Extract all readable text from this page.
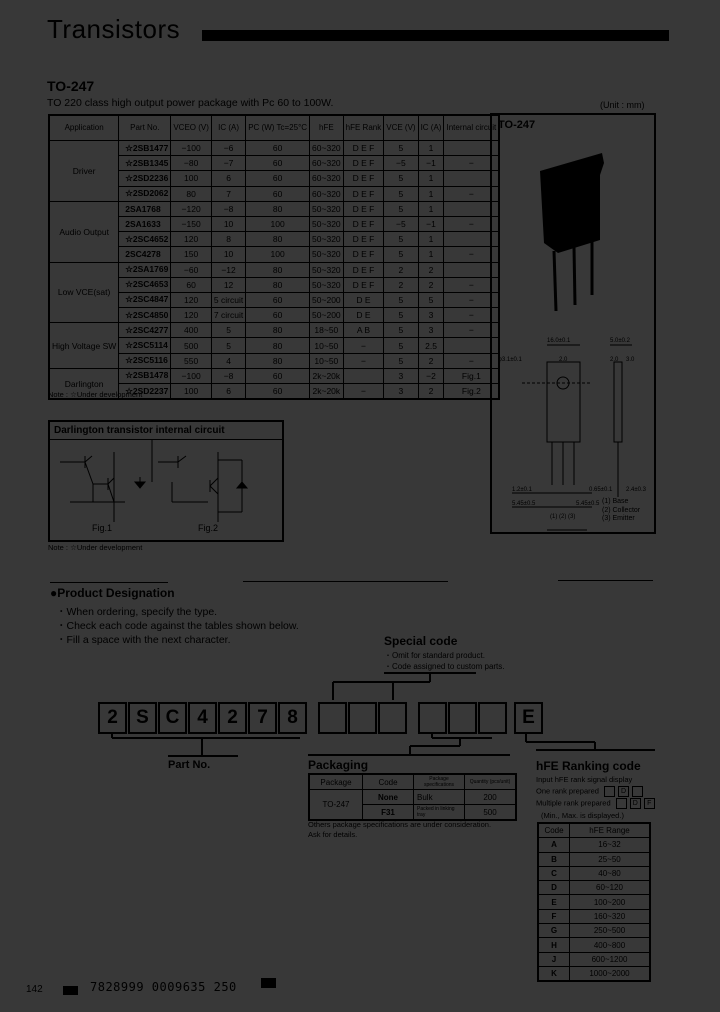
Transistors
TO-247
TO 220 class high output power package with Pc 60 to 100W.	(Unit : mm)
Application	Part No.	VCEO (V)	IC (A)	PC (W) Tc=25°C	hFE	hFE Rank	VCE (V)	IC (A)	Internal circuit
Driver	☆2SB1477	−100	−6	60	60~320	D E F	5	1	
	☆2SB1345	−80	−7	60	60~320	D E F	−5	−1	−
	☆2SD2236	100	6	60	60~320	D E F	5	1	
	☆2SD2062	80	7	60	60~320	D E F	5	1	−
Audio Output	2SA1768	−120	−8	80	50~320	D E F	5	1	
	2SA1633	−150	10	100	50~320	D E F	−5	−1	−
	☆2SC4652	120	8	80	50~320	D E F	5	1	
	2SC4278	150	10	100	50~320	D E F	5	1	−
Low VCE(sat)	☆2SA1769	−60	−12	80	50~320	D E F	2	2	
	☆2SC4653	60	12	80	50~320	D E F	2	2	−
	☆2SC4847	120	5 circuit	60	50~200	D E	5	5	−
	☆2SC4850	120	7 circuit	60	50~200	D E	5	3	−
High Voltage SW	☆2SC4277	400	5	80	18~50	A B	5	3	−
	☆2SC5114	500	5	80	10~50	−	5	2.5	
	☆2SC5116	550	4	80	10~50	−	5	2	−
Darlington	☆2SB1478	−100	−8	60	2k~20k		3	−2	Fig.1
	☆2SD2237	100	6	60	2k~20k	−	3	2	Fig.2
Note : ☆Under development
TO-247
16.0±0.1	5.0±0.2
φ3.1±0.1	2.0	2.0 3.0
1.2±0.1	0.65±0.1 2.4±0.3
5.45±0.5	5.45±0.5
(1) (2) (3)
(1) Base
(2) Collector
(3) Emitter
Darlington transistor internal circuit
Fig.1	Fig.2
Note : ☆Under development
●Product Designation
・When ordering, specify the type.
・Check each code against the tables shown below.
・Fill a space with the next character.	Special code
・Omit for standard product.
・Code assigned to custom parts.
2 S C 4	2	7	8	E
Part No.	Packaging
Package	Code	Package specifications	Quantity (pcs/unit)
TO-247	None	Bulk	200
	F31	Packed in linking tray	500
Others package specifications are under consideration.
Ask for details.
hFE Ranking code
Input hFE rank signal display
One rank prepared	D
Multiple rank prepared	D F
(Min., Max. is displayed.)
Code	hFE Range
A	16~32
B	25~50
C	40~80
D	60~120
E	100~200
F	160~320
G	250~500
H	400~800
J	600~1200
K	1000~2000
142	7828999 0009635 250
